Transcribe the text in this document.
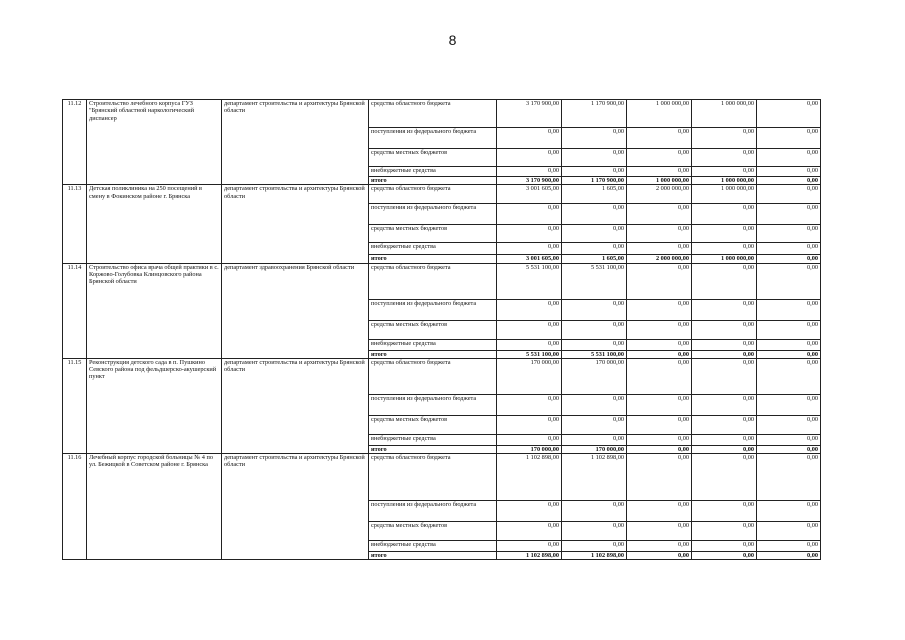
8
11.12	Строительство лечебного корпуса ГУЗ "Брянский областной наркологический диспансер	департамент строительства и архитектуры Брянской области	средства областного бюджета	3 170 900,00	1 170 900,00	1 000 000,00	1 000 000,00	0,00
			поступления из федерального бюджета	0,00	0,00	0,00	0,00	0,00
			средства местных бюджетов	0,00	0,00	0,00	0,00	0,00
			внебюджетные средства	0,00	0,00	0,00	0,00	0,00
			итого	3 170 900,00	1 170 900,00	1 000 000,00	1 000 000,00	0,00
11.13	Детская поликлиника на 250 посещений в смену в Фокинском районе г. Брянска	департамент строительства и архитектуры Брянской области	средства областного бюджета	3 001 605,00	1 605,00	2 000 000,00	1 000 000,00	0,00
			поступления из федерального бюджета	0,00	0,00	0,00	0,00	0,00
			средства местных бюджетов	0,00	0,00	0,00	0,00	0,00
			внебюджетные средства	0,00	0,00	0,00	0,00	0,00
			итого	3 001 605,00	1 605,00	2 000 000,00	1 000 000,00	0,00
11.14	Строительство офиса врача общей практики в с. Коржово-Голубовка Клинцовского района Брянской области	департамент здравоохранения Брянской области	средства областного бюджета	5 531 100,00	5 531 100,00	0,00	0,00	0,00
			поступления из федерального бюджета	0,00	0,00	0,00	0,00	0,00
			средства местных бюджетов	0,00	0,00	0,00	0,00	0,00
			внебюджетные средства	0,00	0,00	0,00	0,00	0,00
			итого	5 531 100,00	5 531 100,00	0,00	0,00	0,00
11.15	Реконструкция детского сада в п. Пушкино Севского района под фельдшерско-акушерский пункт	департамент строительства и архитектуры Брянской области	средства областного бюджета	170 000,00	170 000,00	0,00	0,00	0,00
			поступления из федерального бюджета	0,00	0,00	0,00	0,00	0,00
			средства местных бюджетов	0,00	0,00	0,00	0,00	0,00
			внебюджетные средства	0,00	0,00	0,00	0,00	0,00
			итого	170 000,00	170 000,00	0,00	0,00	0,00
11.16	Лечебный корпус городской больницы № 4 по ул. Бежицкой в Советском районе г. Брянска	департамент строительства и архитектуры Брянской области	средства областного бюджета	1 102 898,00	1 102 898,00	0,00	0,00	0,00
			поступления из федерального бюджета	0,00	0,00	0,00	0,00	0,00
			средства местных бюджетов	0,00	0,00	0,00	0,00	0,00
			внебюджетные средства	0,00	0,00	0,00	0,00	0,00
			итого	1 102 898,00	1 102 898,00	0,00	0,00	0,00
